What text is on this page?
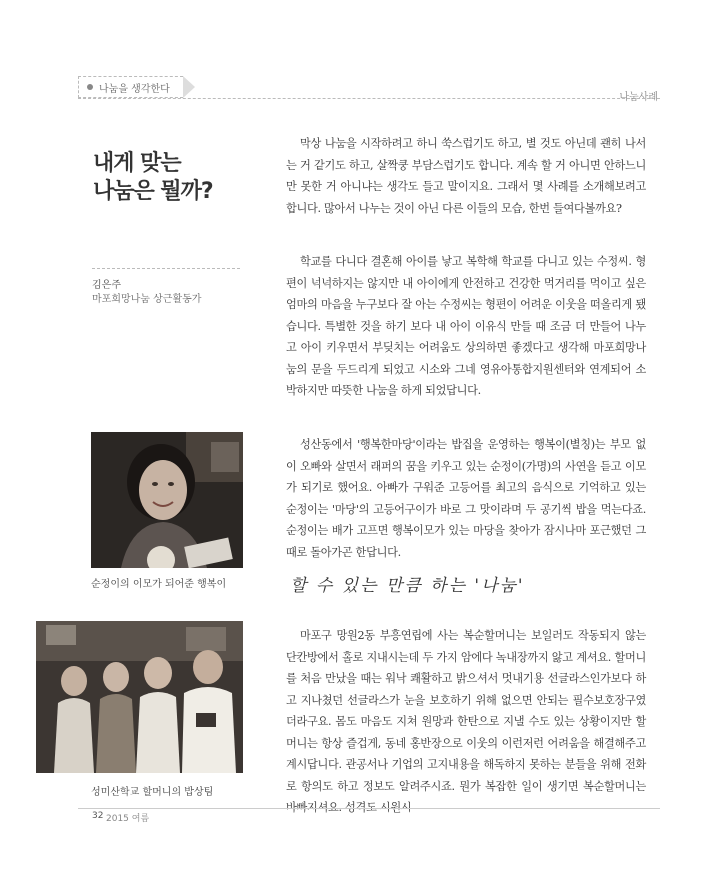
나눔을 생각한다
나눔사례
내게 맞는
나눔은 뭘까?
김은주
마포희망나눔 상근활동가
순정이의 이모가 되어준 행복이
성미산학교 할머니의 밥상팀

막상 나눔을 시작하려고 하니 쑥스럽기도 하고, 별 것도 아닌데 괜히 나서는 거 같기도 하고, 살짝쿵 부담스럽기도 합니다. 계속 할 거 아니면 안하느니만 못한 거 아니냐는 생각도 들고 말이지요. 그래서 몇 사례를 소개해보려고 합니다. 많아서 나누는 것이 아닌 다른 이들의 모습, 한번 들여다볼까요?

학교를 다니다 결혼해 아이를 낳고 복학해 학교를 다니고 있는 수정씨. 형편이 넉넉하지는 않지만 내 아이에게 안전하고 건강한 먹거리를 먹이고 싶은 엄마의 마음을 누구보다 잘 아는 수정씨는 형편이 어려운 이웃을 떠올리게 됐습니다. 특별한 것을 하기 보다 내 아이 이유식 만들 때 조금 더 만들어 나누고 아이 키우면서 부딪치는 어려움도 상의하면 좋겠다고 생각해 마포희망나눔의 문을 두드리게 되었고 시소와 그네 영유아통합지원센터와 연계되어 소박하지만 따뜻한 나눔을 하게 되었답니다.

성산동에서 '행복한마당'이라는 밥집을 운영하는 행복이(별칭)는 부모 없이 오빠와 살면서 래퍼의 꿈을 키우고 있는 순정이(가명)의 사연을 듣고 이모가 되기로 했어요. 아빠가 구워준 고등어를 최고의 음식으로 기억하고 있는 순정이는 '마당'의 고등어구이가 바로 그 맛이라며 두 공기씩 밥을 먹는다죠. 순정이는 배가 고프면 행복이모가 있는 마당을 찾아가 잠시나마 포근했던 그 때로 돌아가곤 한답니다.

할 수 있는 만큼 하는 '나눔'

마포구 망원2동 부흥연립에 사는 복순할머니는 보일러도 작동되지 않는 단칸방에서 홀로 지내시는데 두 가지 암에다 녹내장까지 앓고 계셔요. 할머니를 처음 만났을 때는 워낙 쾌활하고 밝으셔서 멋내기용 선글라스인가보다 하고 지나쳤던 선글라스가 눈을 보호하기 위해 없으면 안되는 필수보호장구였더라구요. 몸도 마음도 지쳐 원망과 한탄으로 지낼 수도 있는 상황이지만 할머니는 항상 즐겁게, 동네 홍반장으로 이웃의 이런저런 어려움을 해결해주고 계시답니다. 관공서나 기업의 고지내용을 해독하지 못하는 분들을 위해 전화로 항의도 하고 정보도 알려주시죠. 뭔가 복잡한 일이 생기면 복순할머니는 바빠지셔요. 성격도 시원시

32 2015 여름
